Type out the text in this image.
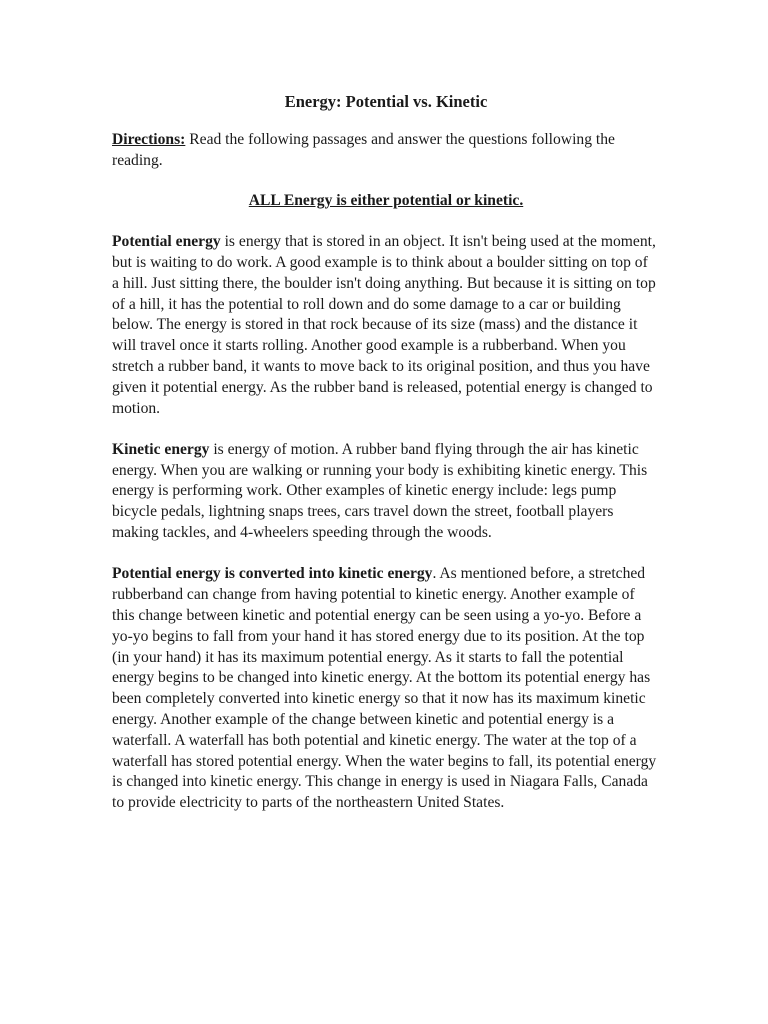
Energy: Potential vs. Kinetic
Directions: Read the following passages and answer the questions following the reading.
ALL Energy is either potential or kinetic.
Potential energy is energy that is stored in an object. It isn't being used at the moment, but is waiting to do work. A good example is to think about a boulder sitting on top of a hill. Just sitting there, the boulder isn't doing anything. But because it is sitting on top of a hill, it has the potential to roll down and do some damage to a car or building below. The energy is stored in that rock because of its size (mass) and the distance it will travel once it starts rolling. Another good example is a rubberband. When you stretch a rubber band, it wants to move back to its original position, and thus you have given it potential energy. As the rubber band is released, potential energy is changed to motion.
Kinetic energy is energy of motion. A rubber band flying through the air has kinetic energy. When you are walking or running your body is exhibiting kinetic energy. This energy is performing work. Other examples of kinetic energy include: legs pump bicycle pedals, lightning snaps trees, cars travel down the street, football players making tackles, and 4-wheelers speeding through the woods.
Potential energy is converted into kinetic energy. As mentioned before, a stretched rubberband can change from having potential to kinetic energy. Another example of this change between kinetic and potential energy can be seen using a yo-yo. Before a yo-yo begins to fall from your hand it has stored energy due to its position. At the top (in your hand) it has its maximum potential energy. As it starts to fall the potential energy begins to be changed into kinetic energy. At the bottom its potential energy has been completely converted into kinetic energy so that it now has its maximum kinetic energy. Another example of the change between kinetic and potential energy is a waterfall. A waterfall has both potential and kinetic energy. The water at the top of a waterfall has stored potential energy. When the water begins to fall, its potential energy is changed into kinetic energy. This change in energy is used in Niagara Falls, Canada to provide electricity to parts of the northeastern United States.
